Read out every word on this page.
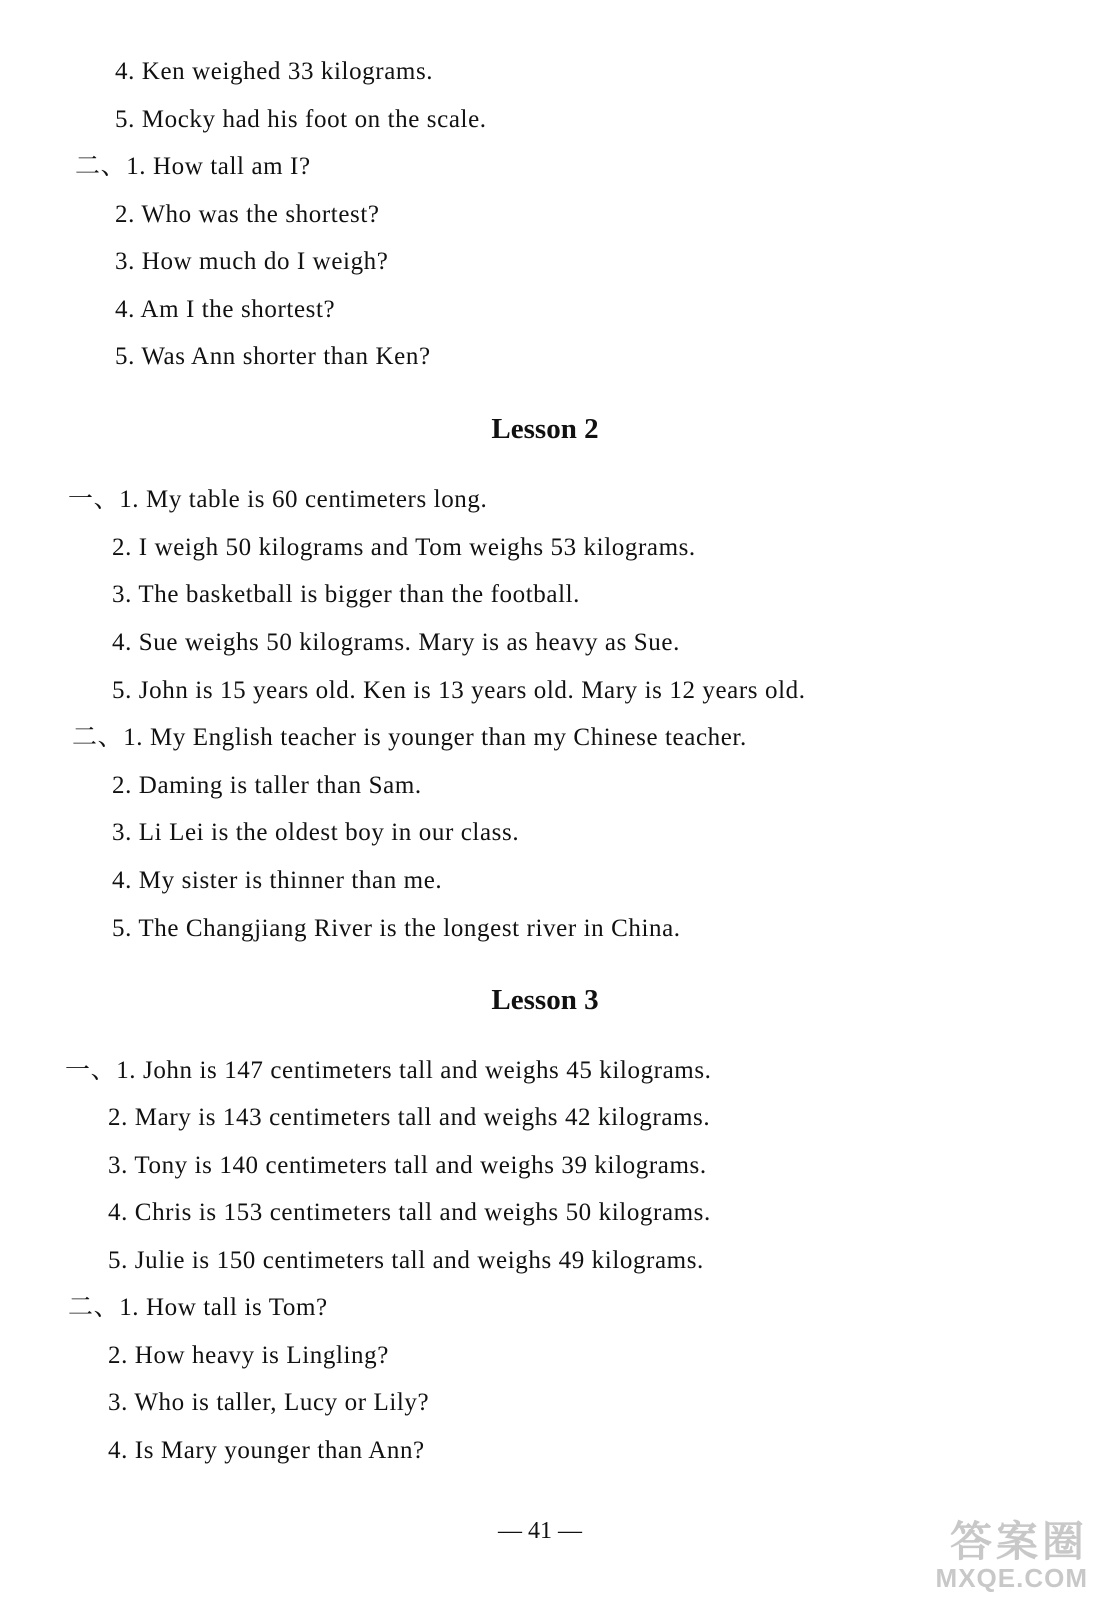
4. Ken weighed 33 kilograms.
5. Mocky had his foot on the scale.
二、1. How tall am I?
2. Who was the shortest?
3. How much do I weigh?
4. Am I the shortest?
5. Was Ann shorter than Ken?
Lesson 2
一、1. My table is 60 centimeters long.
2. I weigh 50 kilograms and Tom weighs 53 kilograms.
3. The basketball is bigger than the football.
4. Sue weighs 50 kilograms. Mary is as heavy as Sue.
5. John is 15 years old. Ken is 13 years old. Mary is 12 years old.
二、1. My English teacher is younger than my Chinese teacher.
2. Daming is taller than Sam.
3. Li Lei is the oldest boy in our class.
4. My sister is thinner than me.
5. The Changjiang River is the longest river in China.
Lesson 3
一、1. John is 147 centimeters tall and weighs 45 kilograms.
2. Mary is 143 centimeters tall and weighs 42 kilograms.
3. Tony is 140 centimeters tall and weighs 39 kilograms.
4. Chris is 153 centimeters tall and weighs 50 kilograms.
5. Julie is 150 centimeters tall and weighs 49 kilograms.
二、1. How tall is Tom?
2. How heavy is Lingling?
3. Who is taller, Lucy or Lily?
4. Is Mary younger than Ann?
— 41 —	答案圈
MXQE.COM
